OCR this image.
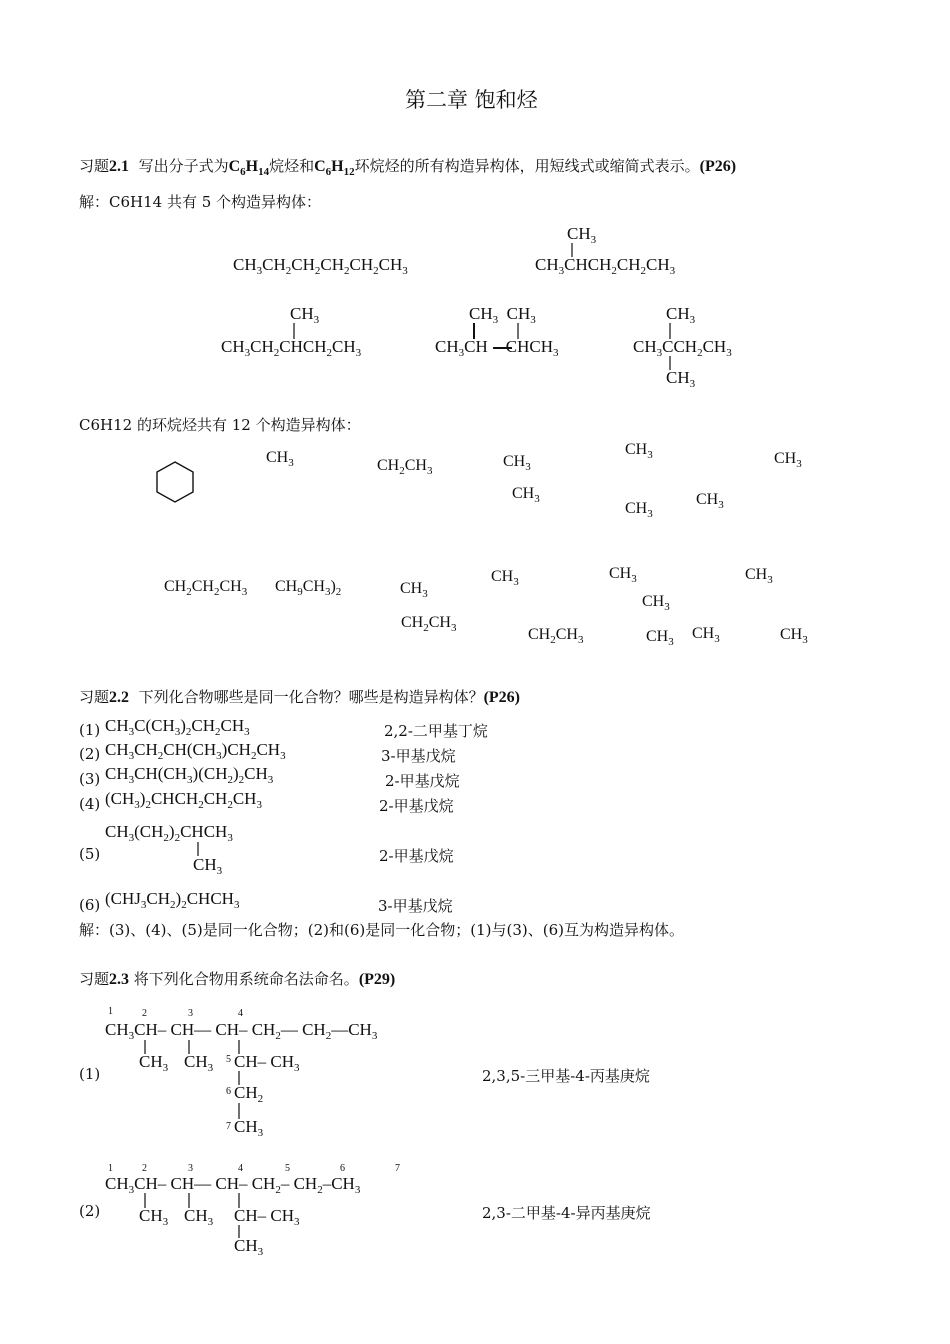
第二章 饱和烃
习题2.1 写出分子式为$C_6H_{14}$烷烃和$C_6H_{12}$环烷烃的所有构造异构体，用短线式或缩简式表示。(P26)
解：C6H14 共有 5 个构造异构体：
$CH_3CH_2CH_2CH_2CH_2CH_3$
$CH_3$
$CH_3CHCH_2CH_2CH_3$
$CH_3$
$CH_3CH_2CHCH_2CH_3$
$CH_3$  $CH_3$
$CH_3CH$ $CHCH_3$
$CH_3$
$CH_3CCH_2CH_3$
$CH_3$
C6H12 的环烷烃共有 12 个构造异构体：
$CH_3$	$CH_2CH_3$
$CH_3$
$CH_3$
$CH_3$
$CH_3$
$CH_3$
$CH_3$
$CH_2CH_2CH_3$ $CH_9CH_3)_2$	$CH_3$
$CH_2CH_3$
$CH_3$
$CH_2CH_3$
$CH_3$
$CH_3$
$CH_3$ $CH_3$
$CH_3$
$CH_3$
习题2.2 下列化合物哪些是同一化合物？哪些是构造异构体？(P26)
(1) $CH_3C(CH_3)_2CH_2CH_3$	2,2-二甲基丁烷
(2) $CH_3CH_2CH(CH_3)CH_2CH_3$	3-甲基戊烷
(3) $CH_3CH(CH_3)(CH_2)_2CH_3$	2-甲基戊烷
(4) $(CH_3)_2CHCH_2CH_2CH_3$	2-甲基戊烷
$CH_3(CH_2)_2CHCH_3$
(5)
$CH_3$
2-甲基戊烷
(6) $(CHJ_3CH_2)_2CHCH_3$	3-甲基戊烷
解：(3)、(4)、(5)是同一化合物；(2)和(6)是同一化合物；(1)与(3)、(6)互为构造异构体。
习题2.3 将下列化合物用系统命名法命名。(P29)
1	2	3	4
$CH_3CH-$ CH— CH– $CH_2—$ $CH_2—CH_3$
$CH_3$ $CH_3$
5 CH– $CH_3$
(1)	2,3,5-三甲基-4-丙基庚烷
6 $CH_2$
7 $CH_3$
1	2	3	4	5	6	7
$CH_3CH-$ CH— CH– $CH_2-$ $CH_2-CH_3$
$CH_3$ $CH_3$ CH– $CH_3$
(2)	2,3-二甲基-4-异丙基庚烷
$CH_3$
